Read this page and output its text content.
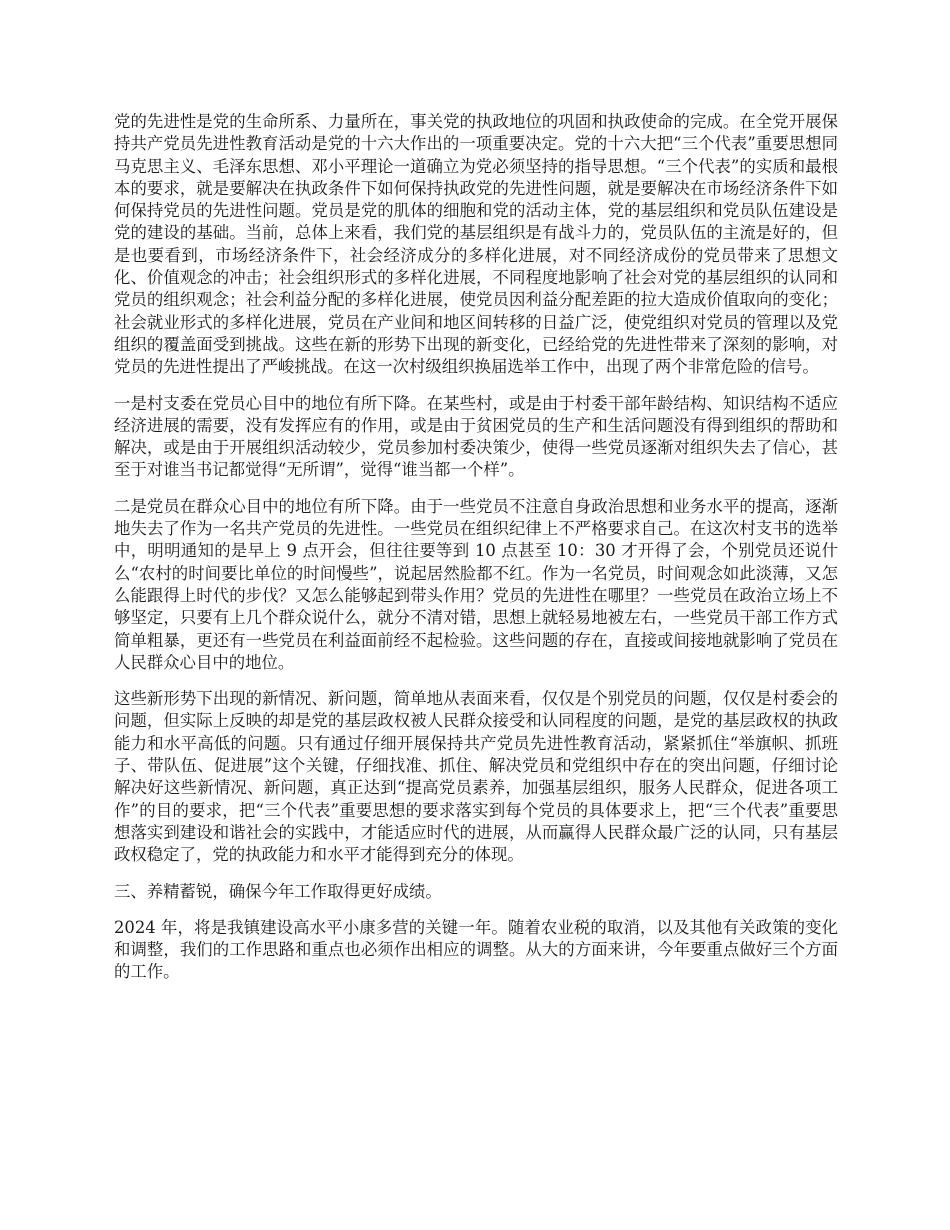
党的先进性是党的生命所系、力量所在，事关党的执政地位的巩固和执政使命的完成。在全党开展保持共产党员先进性教育活动是党的十六大作出的一项重要决定。党的十六大把“三个代表”重要思想同马克思主义、毛泽东思想、邓小平理论一道确立为党必须坚持的指导思想。“三个代表”的实质和最根本的要求，就是要解决在执政条件下如何保持执政党的先进性问题，就是要解决在市场经济条件下如何保持党员的先进性问题。党员是党的肌体的细胞和党的活动主体，党的基层组织和党员队伍建设是党的建设的基础。当前，总体上来看，我们党的基层组织是有战斗力的，党员队伍的主流是好的，但是也要看到，市场经济条件下，社会经济成分的多样化进展，对不同经济成份的党员带来了思想文化、价值观念的冲击；社会组织形式的多样化进展，不同程度地影响了社会对党的基层组织的认同和党员的组织观念；社会利益分配的多样化进展，使党员因利益分配差距的拉大造成价值取向的变化；社会就业形式的多样化进展，党员在产业间和地区间转移的日益广泛，使党组织对党员的管理以及党组织的覆盖面受到挑战。这些在新的形势下出现的新变化，已经给党的先进性带来了深刻的影响，对党员的先进性提出了严峻挑战。在这一次村级组织换届选举工作中，出现了两个非常危险的信号。

一是村支委在党员心目中的地位有所下降。在某些村，或是由于村委干部年龄结构、知识结构不适应经济进展的需要，没有发挥应有的作用，或是由于贫困党员的生产和生活问题没有得到组织的帮助和解决，或是由于开展组织活动较少，党员参加村委决策少，使得一些党员逐渐对组织失去了信心，甚至于对谁当书记都觉得“无所谓”，觉得“谁当都一个样”。

二是党员在群众心目中的地位有所下降。由于一些党员不注意自身政治思想和业务水平的提高，逐渐地失去了作为一名共产党员的先进性。一些党员在组织纪律上不严格要求自己。在这次村支书的选举中，明明通知的是早上 9 点开会，但往往要等到 10 点甚至 10：30 才开得了会，个别党员还说什么“农村的时间要比单位的时间慢些”，说起居然脸都不红。作为一名党员，时间观念如此淡薄，又怎么能跟得上时代的步伐？又怎么能够起到带头作用？党员的先进性在哪里？一些党员在政治立场上不够坚定，只要有上几个群众说什么，就分不清对错，思想上就轻易地被左右，一些党员干部工作方式简单粗暴，更还有一些党员在利益面前经不起检验。这些问题的存在，直接或间接地就影响了党员在人民群众心目中的地位。

这些新形势下出现的新情况、新问题，简单地从表面来看，仅仅是个别党员的问题，仅仅是村委会的问题，但实际上反映的却是党的基层政权被人民群众接受和认同程度的问题，是党的基层政权的执政能力和水平高低的问题。只有通过仔细开展保持共产党员先进性教育活动，紧紧抓住“举旗帜、抓班子、带队伍、促进展”这个关键，仔细找准、抓住、解决党员和党组织中存在的突出问题，仔细讨论解决好这些新情况、新问题，真正达到“提高党员素养，加强基层组织，服务人民群众，促进各项工作”的目的要求，把“三个代表”重要思想的要求落实到每个党员的具体要求上，把“三个代表”重要思想落实到建设和谐社会的实践中，才能适应时代的进展，从而赢得人民群众最广泛的认同，只有基层政权稳定了，党的执政能力和水平才能得到充分的体现。

三、养精蓄锐，确保今年工作取得更好成绩。

2024 年，将是我镇建设高水平小康多营的关键一年。随着农业税的取消，以及其他有关政策的变化和调整，我们的工作思路和重点也必须作出相应的调整。从大的方面来讲，今年要重点做好三个方面的工作。
